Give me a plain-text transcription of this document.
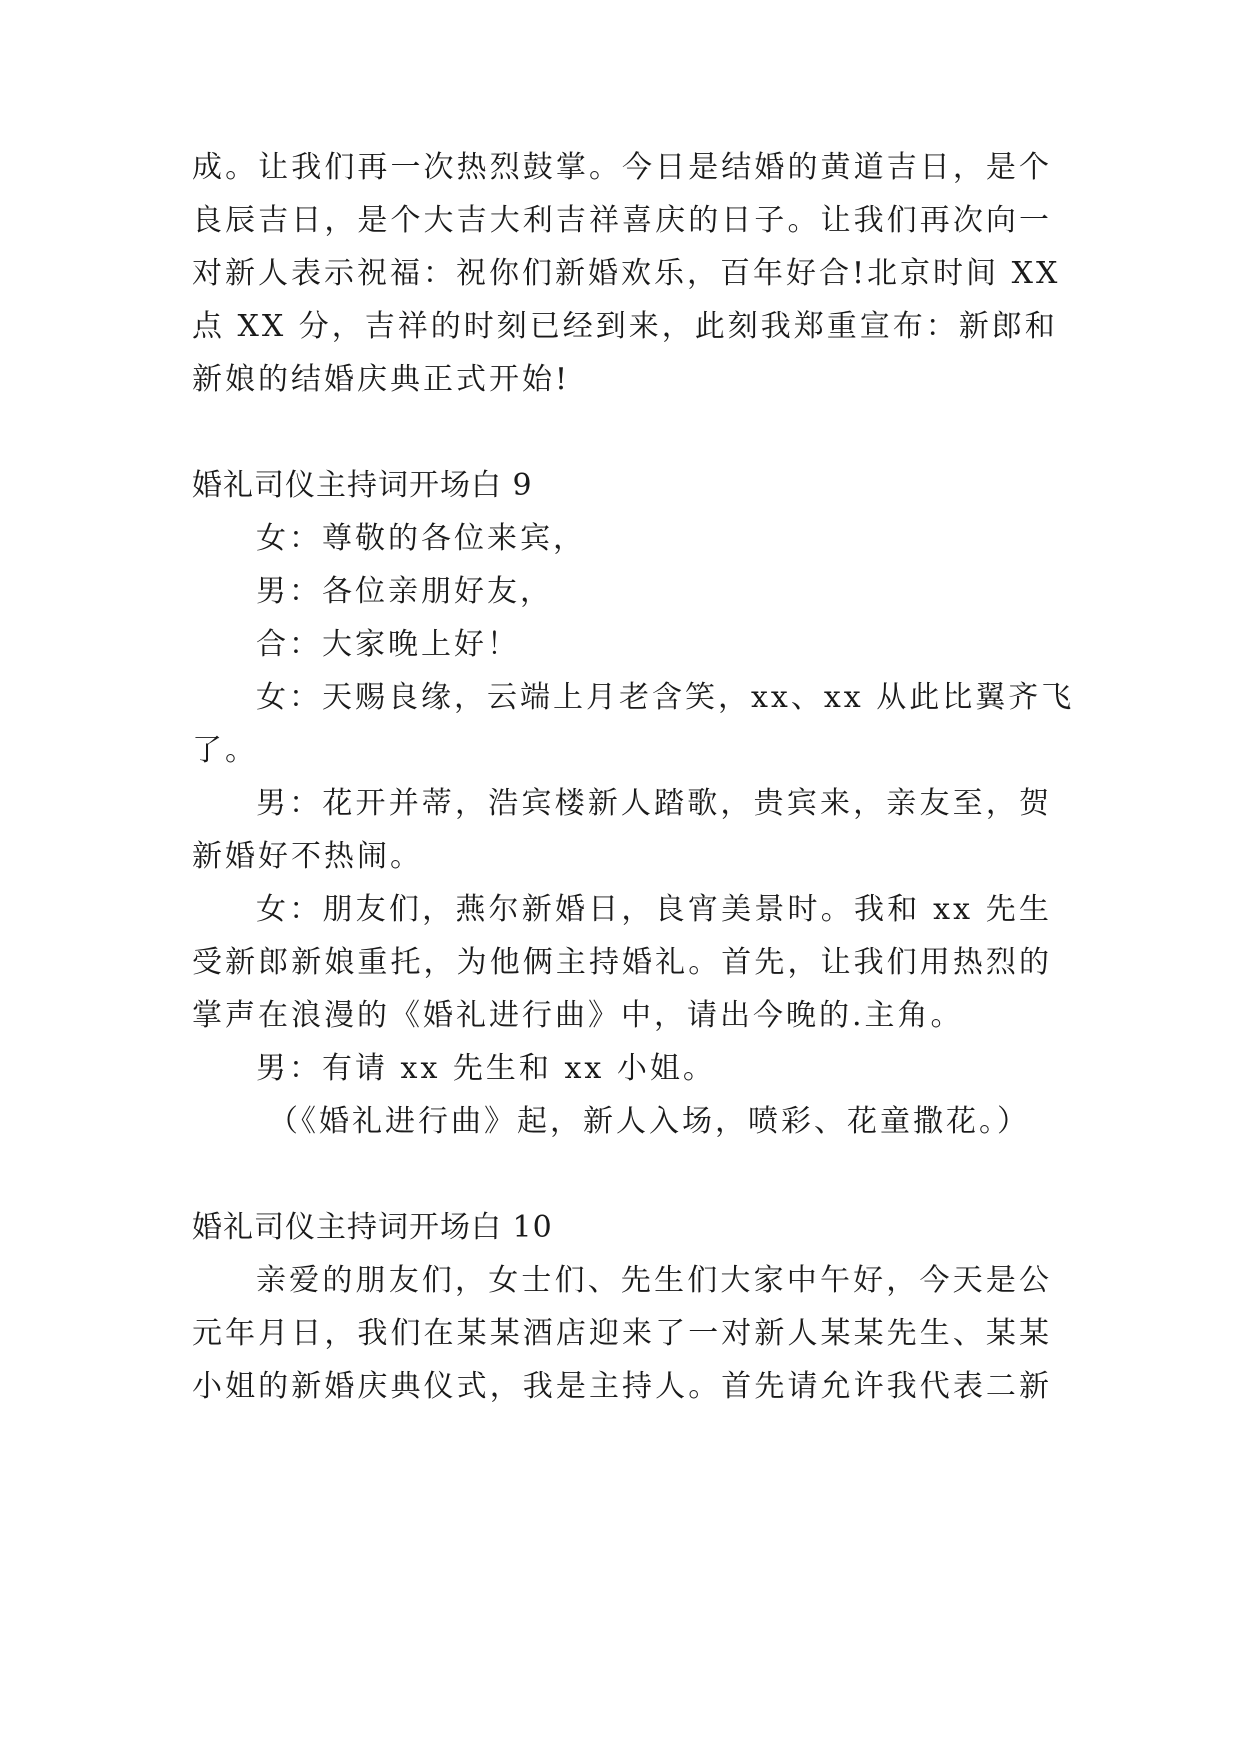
成。让我们再一次热烈鼓掌。今日是结婚的黄道吉日，是个
良辰吉日，是个大吉大利吉祥喜庆的日子。让我们再次向一
对新人表示祝福：祝你们新婚欢乐，百年好合!北京时间 XX
点 XX 分，吉祥的时刻已经到来，此刻我郑重宣布：新郎和
新娘的结婚庆典正式开始!
婚礼司仪主持词开场白 9
女：尊敬的各位来宾，
男：各位亲朋好友，
合：大家晚上好！
女：天赐良缘，云端上月老含笑，xx、xx 从此比翼齐飞
了。
男：花开并蒂，浩宾楼新人踏歌，贵宾来，亲友至，贺
新婚好不热闹。
女：朋友们，燕尔新婚日，良宵美景时。我和 xx 先生
受新郎新娘重托，为他俩主持婚礼。首先，让我们用热烈的
掌声在浪漫的《婚礼进行曲》中，请出今晚的.主角。
男：有请 xx 先生和 xx 小姐。
（《婚礼进行曲》起，新人入场，喷彩、花童撒花。）
婚礼司仪主持词开场白 10
亲爱的朋友们，女士们、先生们大家中午好，今天是公
元年月日，我们在某某酒店迎来了一对新人某某先生、某某
小姐的新婚庆典仪式，我是主持人。首先请允许我代表二新
